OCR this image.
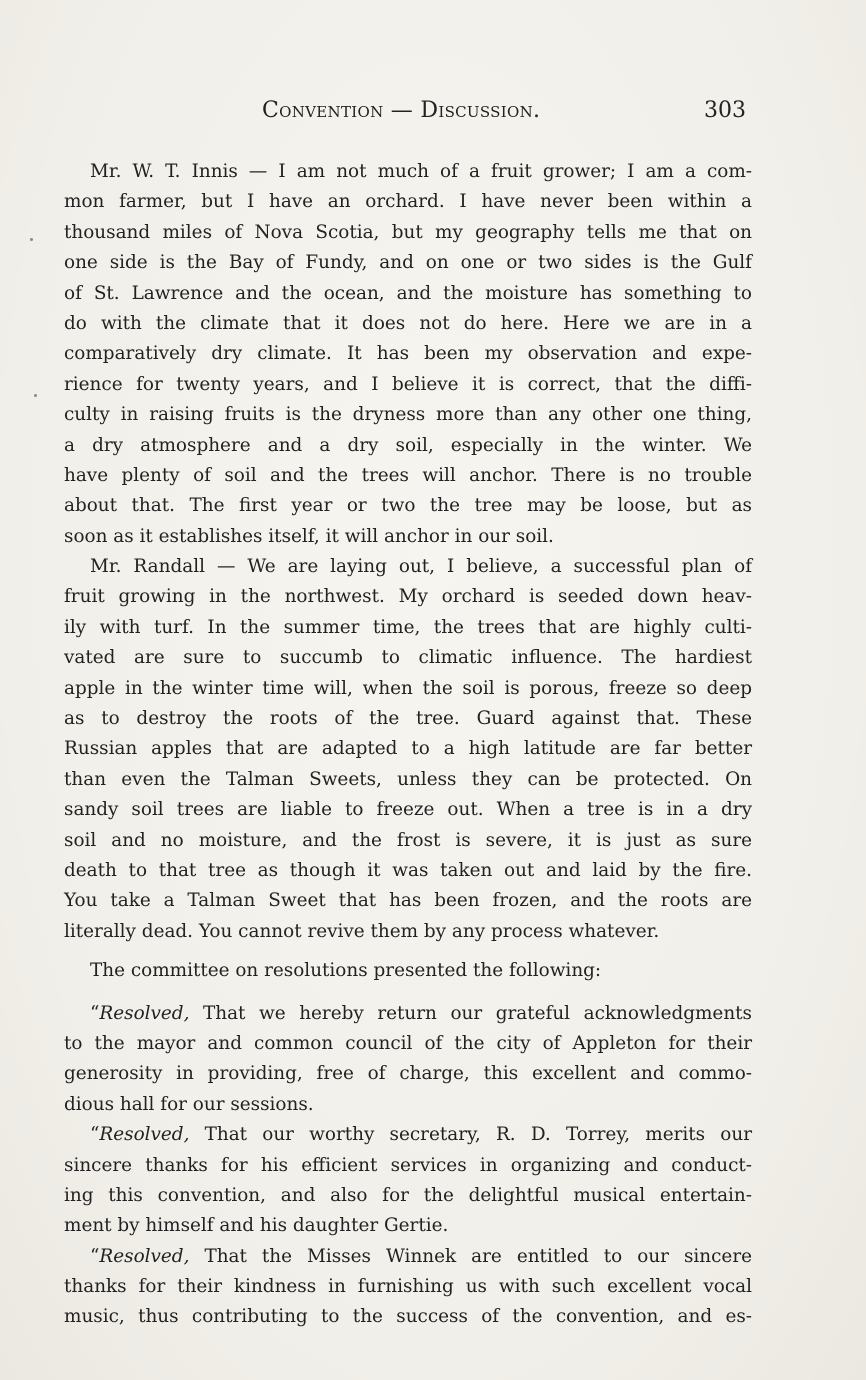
Convention — Discussion.	303
Mr. W. T. Innis — I am not much of a fruit grower; I am a com-
mon farmer, but I have an orchard. I have never been within a
thousand miles of Nova Scotia, but my geography tells me that on
one side is the Bay of Fundy, and on one or two sides is the Gulf
of St. Lawrence and the ocean, and the moisture has something to
do with the climate that it does not do here. Here we are in a
comparatively dry climate. It has been my observation and expe-
rience for twenty years, and I believe it is correct, that the diffi-
culty in raising fruits is the dryness more than any other one thing,
a dry atmosphere and a dry soil, especially in the winter. We
have plenty of soil and the trees will anchor. There is no trouble
about that. The first year or two the tree may be loose, but as
soon as it establishes itself, it will anchor in our soil.
Mr. Randall — We are laying out, I believe, a successful plan of
fruit growing in the northwest. My orchard is seeded down heav-
ily with turf. In the summer time, the trees that are highly culti-
vated are sure to succumb to climatic influence. The hardiest
apple in the winter time will, when the soil is porous, freeze so deep
as to destroy the roots of the tree. Guard against that. These
Russian apples that are adapted to a high latitude are far better
than even the Talman Sweets, unless they can be protected. On
sandy soil trees are liable to freeze out. When a tree is in a dry
soil and no moisture, and the frost is severe, it is just as sure
death to that tree as though it was taken out and laid by the fire.
You take a Talman Sweet that has been frozen, and the roots are
literally dead. You cannot revive them by any process whatever.
The committee on resolutions presented the following:
“Resolved, That we hereby return our grateful acknowledgments
to the mayor and common council of the city of Appleton for their
generosity in providing, free of charge, this excellent and commo-
dious hall for our sessions.
“Resolved, That our worthy secretary, R. D. Torrey, merits our
sincere thanks for his efficient services in organizing and conduct-
ing this convention, and also for the delightful musical entertain-
ment by himself and his daughter Gertie.
“Resolved, That the Misses Winnek are entitled to our sincere
thanks for their kindness in furnishing us with such excellent vocal
music, thus contributing to the success of the convention, and es-
